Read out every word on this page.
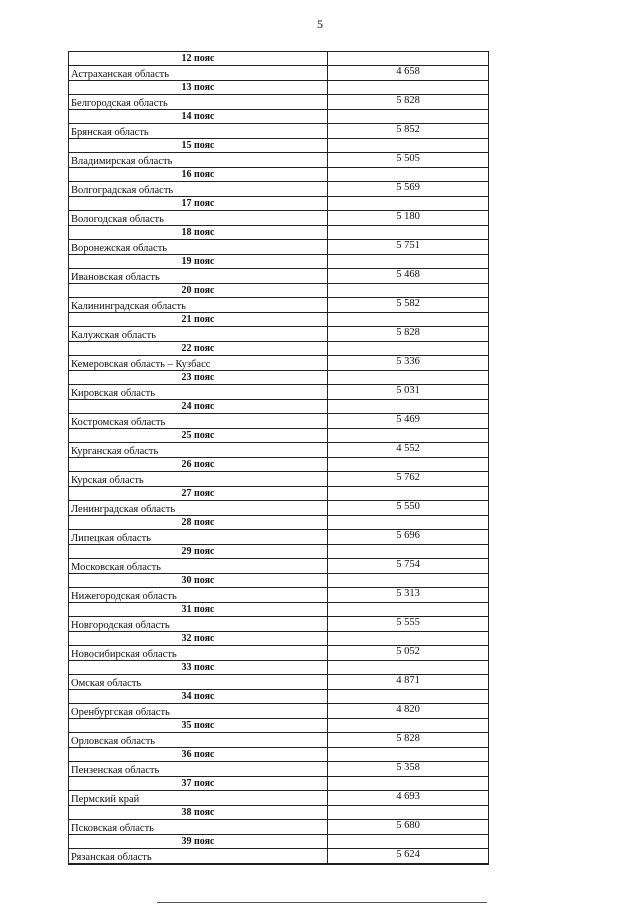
5
12 пояс
Астраханская область	4 658
13 пояс
Белгородская область	5 828
14 пояс
Брянская область	5 852
15 пояс
Владимирская область	5 505
16 пояс
Волгоградская область	5 569
17 пояс
Вологодская область	5 180
18 пояс
Воронежская область	5 751
19 пояс
Ивановская область	5 468
20 пояс
Калининградская область	5 582
21 пояс
Калужская область	5 828
22 пояс
Кемеровская область – Кузбасс	5 336
23 пояс
Кировская область	5 031
24 пояс
Костромская область	5 469
25 пояс
Курганская область	4 552
26 пояс
Курская область	5 762
27 пояс
Ленинградская область	5 550
28 пояс
Липецкая область	5 696
29 пояс
Московская область	5 754
30 пояс
Нижегородская область	5 313
31 пояс
Новгородская область	5 555
32 пояс
Новосибирская область	5 052
33 пояс
Омская область	4 871
34 пояс
Оренбургская область	4 820
35 пояс
Орловская область	5 828
36 пояс
Пензенская область	5 358
37 пояс
Пермский край	4 693
38 пояс
Псковская область	5 680
39 пояс
Рязанская область	5 624
